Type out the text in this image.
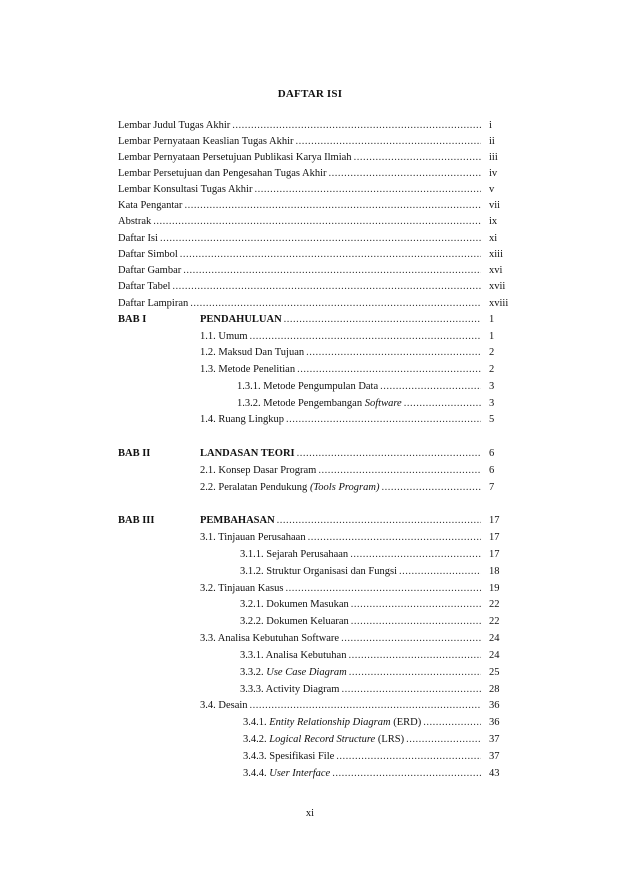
DAFTAR ISI
Lembar Judul Tugas Akhir .....	i
Lembar Pernyataan Keaslian Tugas Akhir .....	ii
Lembar Pernyataan Persetujuan Publikasi Karya Ilmiah .....	iii
Lembar Persetujuan dan Pengesahan Tugas Akhir .....	iv
Lembar Konsultasi Tugas Akhir .....	v
Kata Pengantar .....	vii
Abstrak .....	ix
Daftar Isi .....	xi
Daftar Simbol .....	xiii
Daftar Gambar .....	xvi
Daftar Tabel .....	xvii
Daftar Lampiran .....	xviii
BAB I	PENDAHULUAN .....	1
1.1. Umum .....	1
1.2. Maksud Dan Tujuan .....	2
1.3. Metode Penelitian .....	2
1.3.1. Metode Pengumpulan Data .....	3
1.3.2. Metode Pengembangan Software .....	3
1.4. Ruang Lingkup .....	5
BAB II	LANDASAN TEORI .....	6
2.1. Konsep Dasar Program .....	6
2.2. Peralatan Pendukung (Tools Program) .....	7
BAB III	PEMBAHASAN .....	17
3.1. Tinjauan Perusahaan .....	17
3.1.1. Sejarah Perusahaan .....	17
3.1.2. Struktur Organisasi dan Fungsi .....	18
3.2. Tinjauan Kasus .....	19
3.2.1. Dokumen Masukan .....	22
3.2.2. Dokumen Keluaran .....	22
3.3. Analisa Kebutuhan Software .....	24
3.3.1. Analisa Kebutuhan .....	24
3.3.2. Use Case Diagram .....	25
3.3.3. Activity Diagram .....	28
3.4. Desain .....	36
3.4.1. Entity Relationship Diagram (ERD) .....	36
3.4.2. Logical Record Structure (LRS) .....	37
3.4.3. Spesifikasi File .....	37
3.4.4. User Interface .....	43
xi
